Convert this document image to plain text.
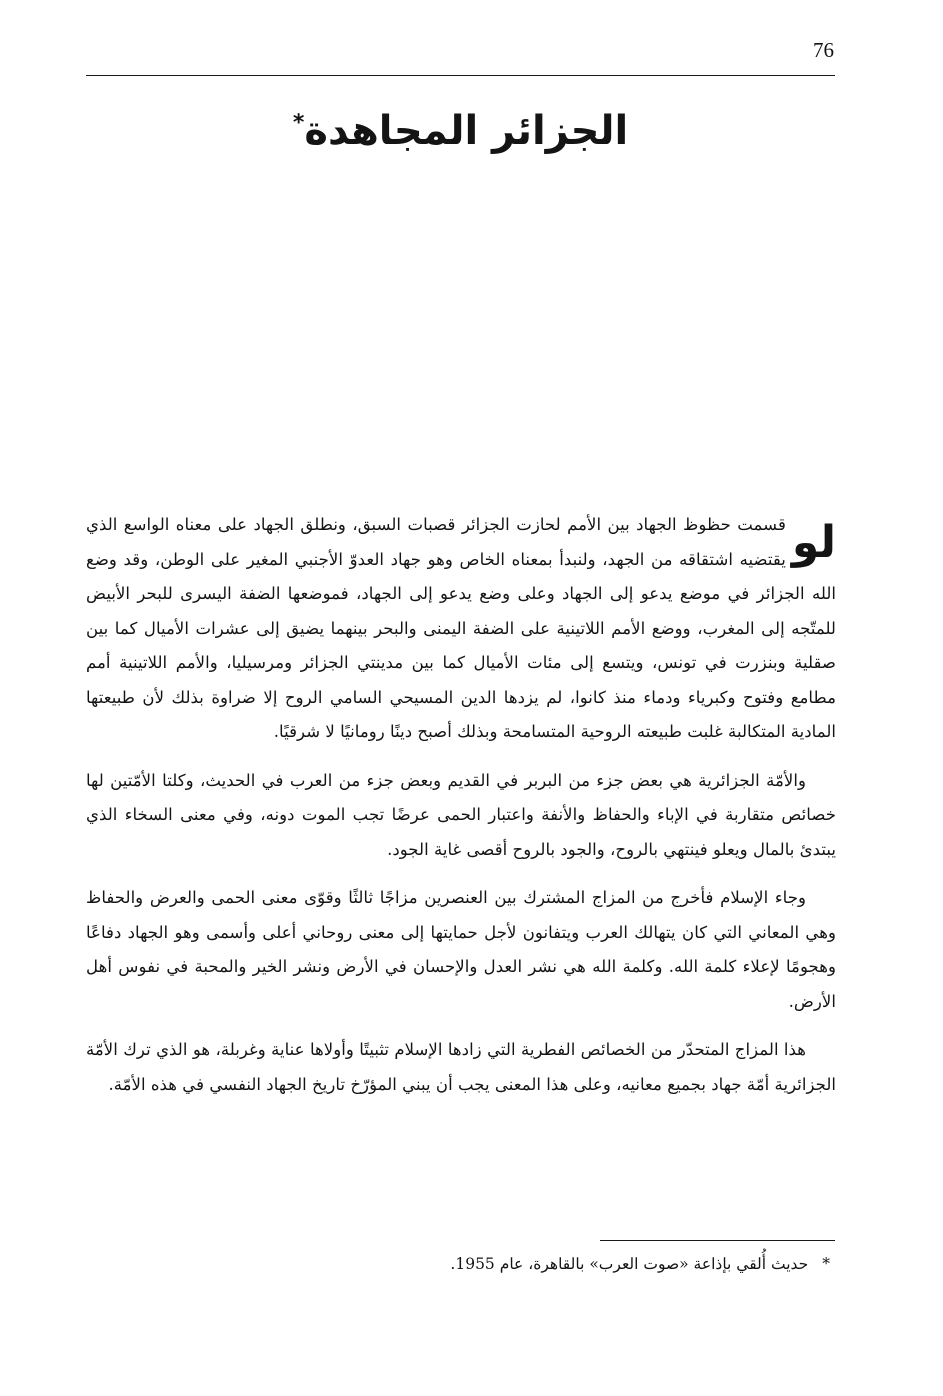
76
الجزائر المجاهدة*

لو
قسمت حظوظ الجهاد بين الأمم لحازت الجزائر قصبات السبق، ونطلق الجهاد على معناه الواسع الذي يقتضيه اشتقاقه من الجهد، ولنبدأ بمعناه الخاص وهو جهاد العدوّ الأجنبي المغير على الوطن، وقد وضع الله الجزائر في موضع يدعو إلى الجهاد وعلى وضع يدعو إلى الجهاد، فموضعها الضفة اليسرى للبحر الأبيض للمتّجه إلى المغرب، ووضع الأمم اللاتينية على الضفة اليمنى والبحر بينهما يضيق إلى عشرات الأميال كما بين صقلية وبنزرت في تونس، ويتسع إلى مئات الأميال كما بين مدينتي الجزائر ومرسيليا، والأمم اللاتينية أمم مطامع وفتوح وكبرياء ودماء منذ كانوا، لم يزدها الدين المسيحي السامي الروح إلا ضراوة بذلك لأن طبيعتها المادية المتكالبة غلبت طبيعته الروحية المتسامحة وبذلك أصبح دينًا رومانيًا لا شرقيًا.

والأمّة الجزائرية هي بعض جزء من البربر في القديم وبعض جزء من العرب في الحديث، وكلتا الأمّتين لها خصائص متقاربة في الإباء والحفاظ والأنفة واعتبار الحمى عرضًا تجب الموت دونه، وفي معنى السخاء الذي يبتدئ بالمال ويعلو فينتهي بالروح، والجود بالروح أقصى غاية الجود.

وجاء الإسلام فأخرج من المزاج المشترك بين العنصرين مزاجًا ثالثًا وقوّى معنى الحمى والعرض والحفاظ وهي المعاني التي كان يتهالك العرب ويتفانون لأجل حمايتها إلى معنى روحاني أعلى وأسمى وهو الجهاد دفاعًا وهجومًا لإعلاء كلمة الله. وكلمة الله هي نشر العدل والإحسان في الأرض ونشر الخير والمحبة في نفوس أهل الأرض.

هذا المزاج المتحدّر من الخصائص الفطرية التي زادها الإسلام تثبيتًا وأولاها عناية وغربلة، هو الذي ترك الأمّة الجزائرية أمّة جهاد بجميع معانيه، وعلى هذا المعنى يجب أن يبني المؤرّخ تاريخ الجهاد النفسي في هذه الأمّة.

*حديث أُلقي بإذاعة «صوت العرب» بالقاهرة، عام 1955.
